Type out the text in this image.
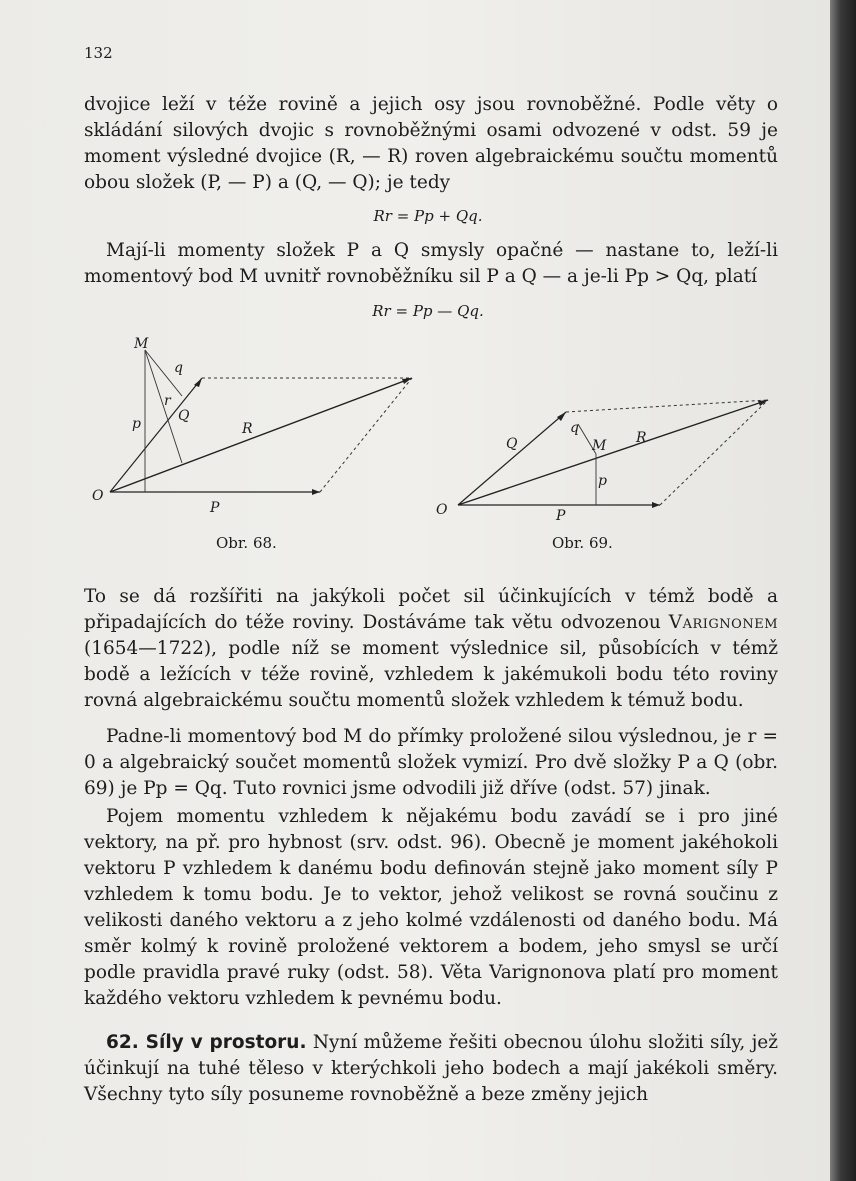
132

dvojice leží v téže rovině a jejich osy jsou rovnoběžné. Podle věty o skládání silových dvojic s rovnoběžnými osami odvozené v odst. 59 je moment výsledné dvojice (R, — R) roven algebraickému součtu momentů obou složek (P, — P) a (Q, — Q); je tedy

Rr = Pp + Qq.

Mají-li momenty složek P a Q smysly opačné — nastane to, leží-li momentový bod M uvnitř rovnoběžníku sil P a Q — a je-li Pp > Qq, platí

Rr = Pp — Qq.
M
q
r
p	Q
R
O
P
Obr. 68.
Q
q
M R
p
O	P
Obr. 69.

To se dá rozšířiti na jakýkoli počet sil účinkujících v témž bodě a připadajících do téže roviny. Dostáváme tak větu odvozenou Varignonem (1654—1722), podle níž se moment výslednice sil, působících v témž bodě a ležících v téže rovině, vzhledem k jakémukoli bodu této roviny rovná algebraickému součtu momentů složek vzhledem k témuž bodu.

Padne-li momentový bod M do přímky proložené silou výslednou, je r = 0 a algebraický součet momentů složek vymizí. Pro dvě složky P a Q (obr. 69) je Pp = Qq. Tuto rovnici jsme odvodili již dříve (odst. 57) jinak.

Pojem momentu vzhledem k nějakému bodu zavádí se i pro jiné vektory, na př. pro hybnost (srv. odst. 96). Obecně je moment jakéhokoli vektoru P vzhledem k danému bodu definován stejně jako moment síly P vzhledem k tomu bodu. Je to vektor, jehož velikost se rovná součinu z velikosti daného vektoru a z jeho kolmé vzdálenosti od daného bodu. Má směr kolmý k rovině proložené vektorem a bodem, jeho smysl se určí podle pravidla pravé ruky (odst. 58). Věta Varignonova platí pro moment každého vektoru vzhledem k pevnému bodu.

62. Síly v prostoru. Nyní můžeme řešiti obecnou úlohu složiti síly, jež účinkují na tuhé těleso v kterýchkoli jeho bodech a mají jakékoli směry. Všechny tyto síly posuneme rovnoběžně a beze změny jejich
